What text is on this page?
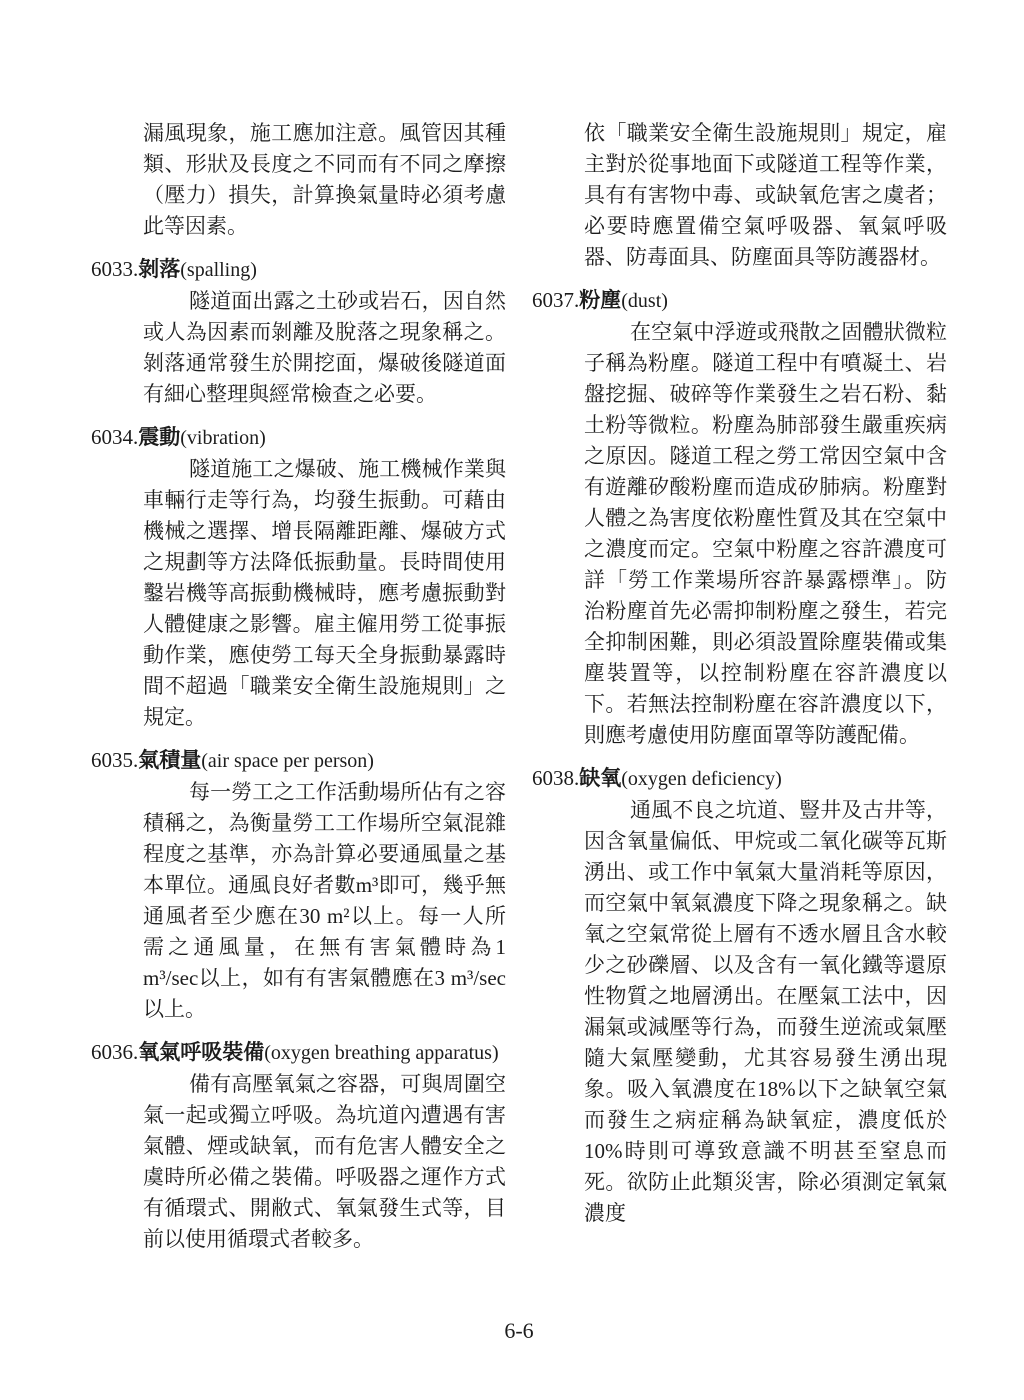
漏風現象，施工應加注意。風管因其種類、形狀及長度之不同而有不同之摩擦（壓力）損失，計算換氣量時必須考慮此等因素。

6033.剝落(spalling)

隧道面出露之土砂或岩石，因自然或人為因素而剝離及脫落之現象稱之。剝落通常發生於開挖面，爆破後隧道面有細心整理與經常檢查之必要。

6034.震動(vibration)

隧道施工之爆破、施工機械作業與車輛行走等行為，均發生振動。可藉由機械之選擇、增長隔離距離、爆破方式之規劃等方法降低振動量。長時間使用鑿岩機等高振動機械時，應考慮振動對人體健康之影響。雇主僱用勞工從事振動作業，應使勞工每天全身振動暴露時間不超過「職業安全衛生設施規則」之規定。

6035.氣積量(air space per person)

每一勞工之工作活動場所佔有之容積稱之，為衡量勞工工作場所空氣混雜程度之基準，亦為計算必要通風量之基本單位。通風良好者數m³即可，幾乎無通風者至少應在30 m²以上。每一人所需之通風量，在無有害氣體時為1 m³/sec以上，如有有害氣體應在3 m³/sec以上。

6036.氧氣呼吸裝備(oxygen breathing apparatus)

備有高壓氧氣之容器，可與周圍空氣一起或獨立呼吸。為坑道內遭遇有害氣體、煙或缺氧，而有危害人體安全之虞時所必備之裝備。呼吸器之運作方式有循環式、開敝式、氧氣發生式等，目前以使用循環式者較多。

依「職業安全衛生設施規則」規定，雇主對於從事地面下或隧道工程等作業，具有有害物中毒、或缺氧危害之虞者；必要時應置備空氣呼吸器、氧氣呼吸器、防毒面具、防塵面具等防護器材。

6037.粉塵(dust)

在空氣中浮遊或飛散之固體狀微粒子稱為粉塵。隧道工程中有噴凝土、岩盤挖掘、破碎等作業發生之岩石粉、黏土粉等微粒。粉塵為肺部發生嚴重疾病之原因。隧道工程之勞工常因空氣中含有遊離矽酸粉塵而造成矽肺病。粉塵對人體之為害度依粉塵性質及其在空氣中之濃度而定。空氣中粉塵之容許濃度可詳「勞工作業場所容許暴露標準」。防治粉塵首先必需抑制粉塵之發生，若完全抑制困難，則必須設置除塵裝備或集塵裝置等，以控制粉塵在容許濃度以下。若無法控制粉塵在容許濃度以下，則應考慮使用防塵面罩等防護配備。

6038.缺氧(oxygen deficiency)

通風不良之坑道、豎井及古井等，因含氧量偏低、甲烷或二氧化碳等瓦斯湧出、或工作中氧氣大量消耗等原因，而空氣中氧氣濃度下降之現象稱之。缺氧之空氣常從上層有不透水層且含水較少之砂礫層、以及含有一氧化鐵等還原性物質之地層湧出。在壓氣工法中，因漏氣或減壓等行為，而發生逆流或氣壓隨大氣壓變動，尤其容易發生湧出現象。吸入氧濃度在18%以下之缺氧空氣而發生之病症稱為缺氧症，濃度低於10%時則可導致意識不明甚至窒息而死。欲防止此類災害，除必須測定氧氣濃度

6-6
